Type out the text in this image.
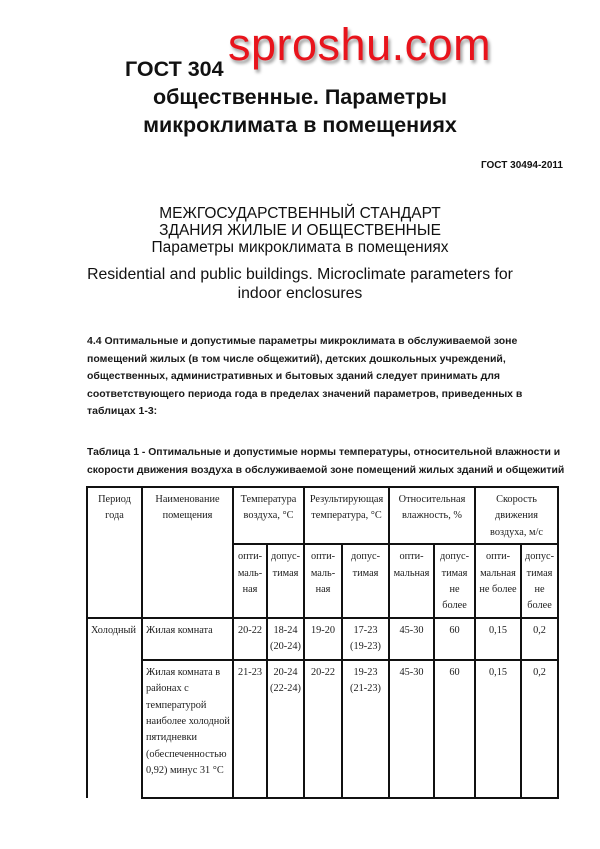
ГОСТ 304
общественные. Параметры
микроклимата в помещениях
sproshu.com
ГОСТ 30494-2011
МЕЖГОСУДАРСТВЕННЫЙ СТАНДАРТ
ЗДАНИЯ ЖИЛЫЕ И ОБЩЕСТВЕННЫЕ
Параметры микроклимата в помещениях
Residential and public buildings. Microclimate parameters for
indoor enclosures
4.4 Оптимальные и допустимые параметры микроклимата в обслуживаемой зоне помещений жилых (в том числе общежитий), детских дошкольных учреждений, общественных, административных и бытовых зданий следует принимать для соответствующего периода года в пределах значений параметров, приведенных в таблицах 1-3:
Таблица 1 - Оптимальные и допустимые нормы температуры, относительной влажности и скорости движения воздуха в обслуживаемой зоне помещений жилых зданий и общежитий
Период года	Наименование помещения	Температура воздуха, °С		Результирующая температура, °С		Относительная влажность, %		Скорость движения воздуха, м/с	
		опти-маль-ная	допус-тимая	опти-маль-ная	допус-тимая	опти-мальная	допус-тимая не более	опти-мальная не более	допус-тимая не более
Холодный	Жилая комната	20-22	18-24 (20-24)	19-20	17-23 (19-23)	45-30	60	0,15	0,2
	Жилая комната в районах с температурой наиболее холодной пятидневки (обеспеченностью 0,92) минус 31 °С	21-23	20-24 (22-24)	20-22	19-23 (21-23)	45-30	60	0,15	0,2
